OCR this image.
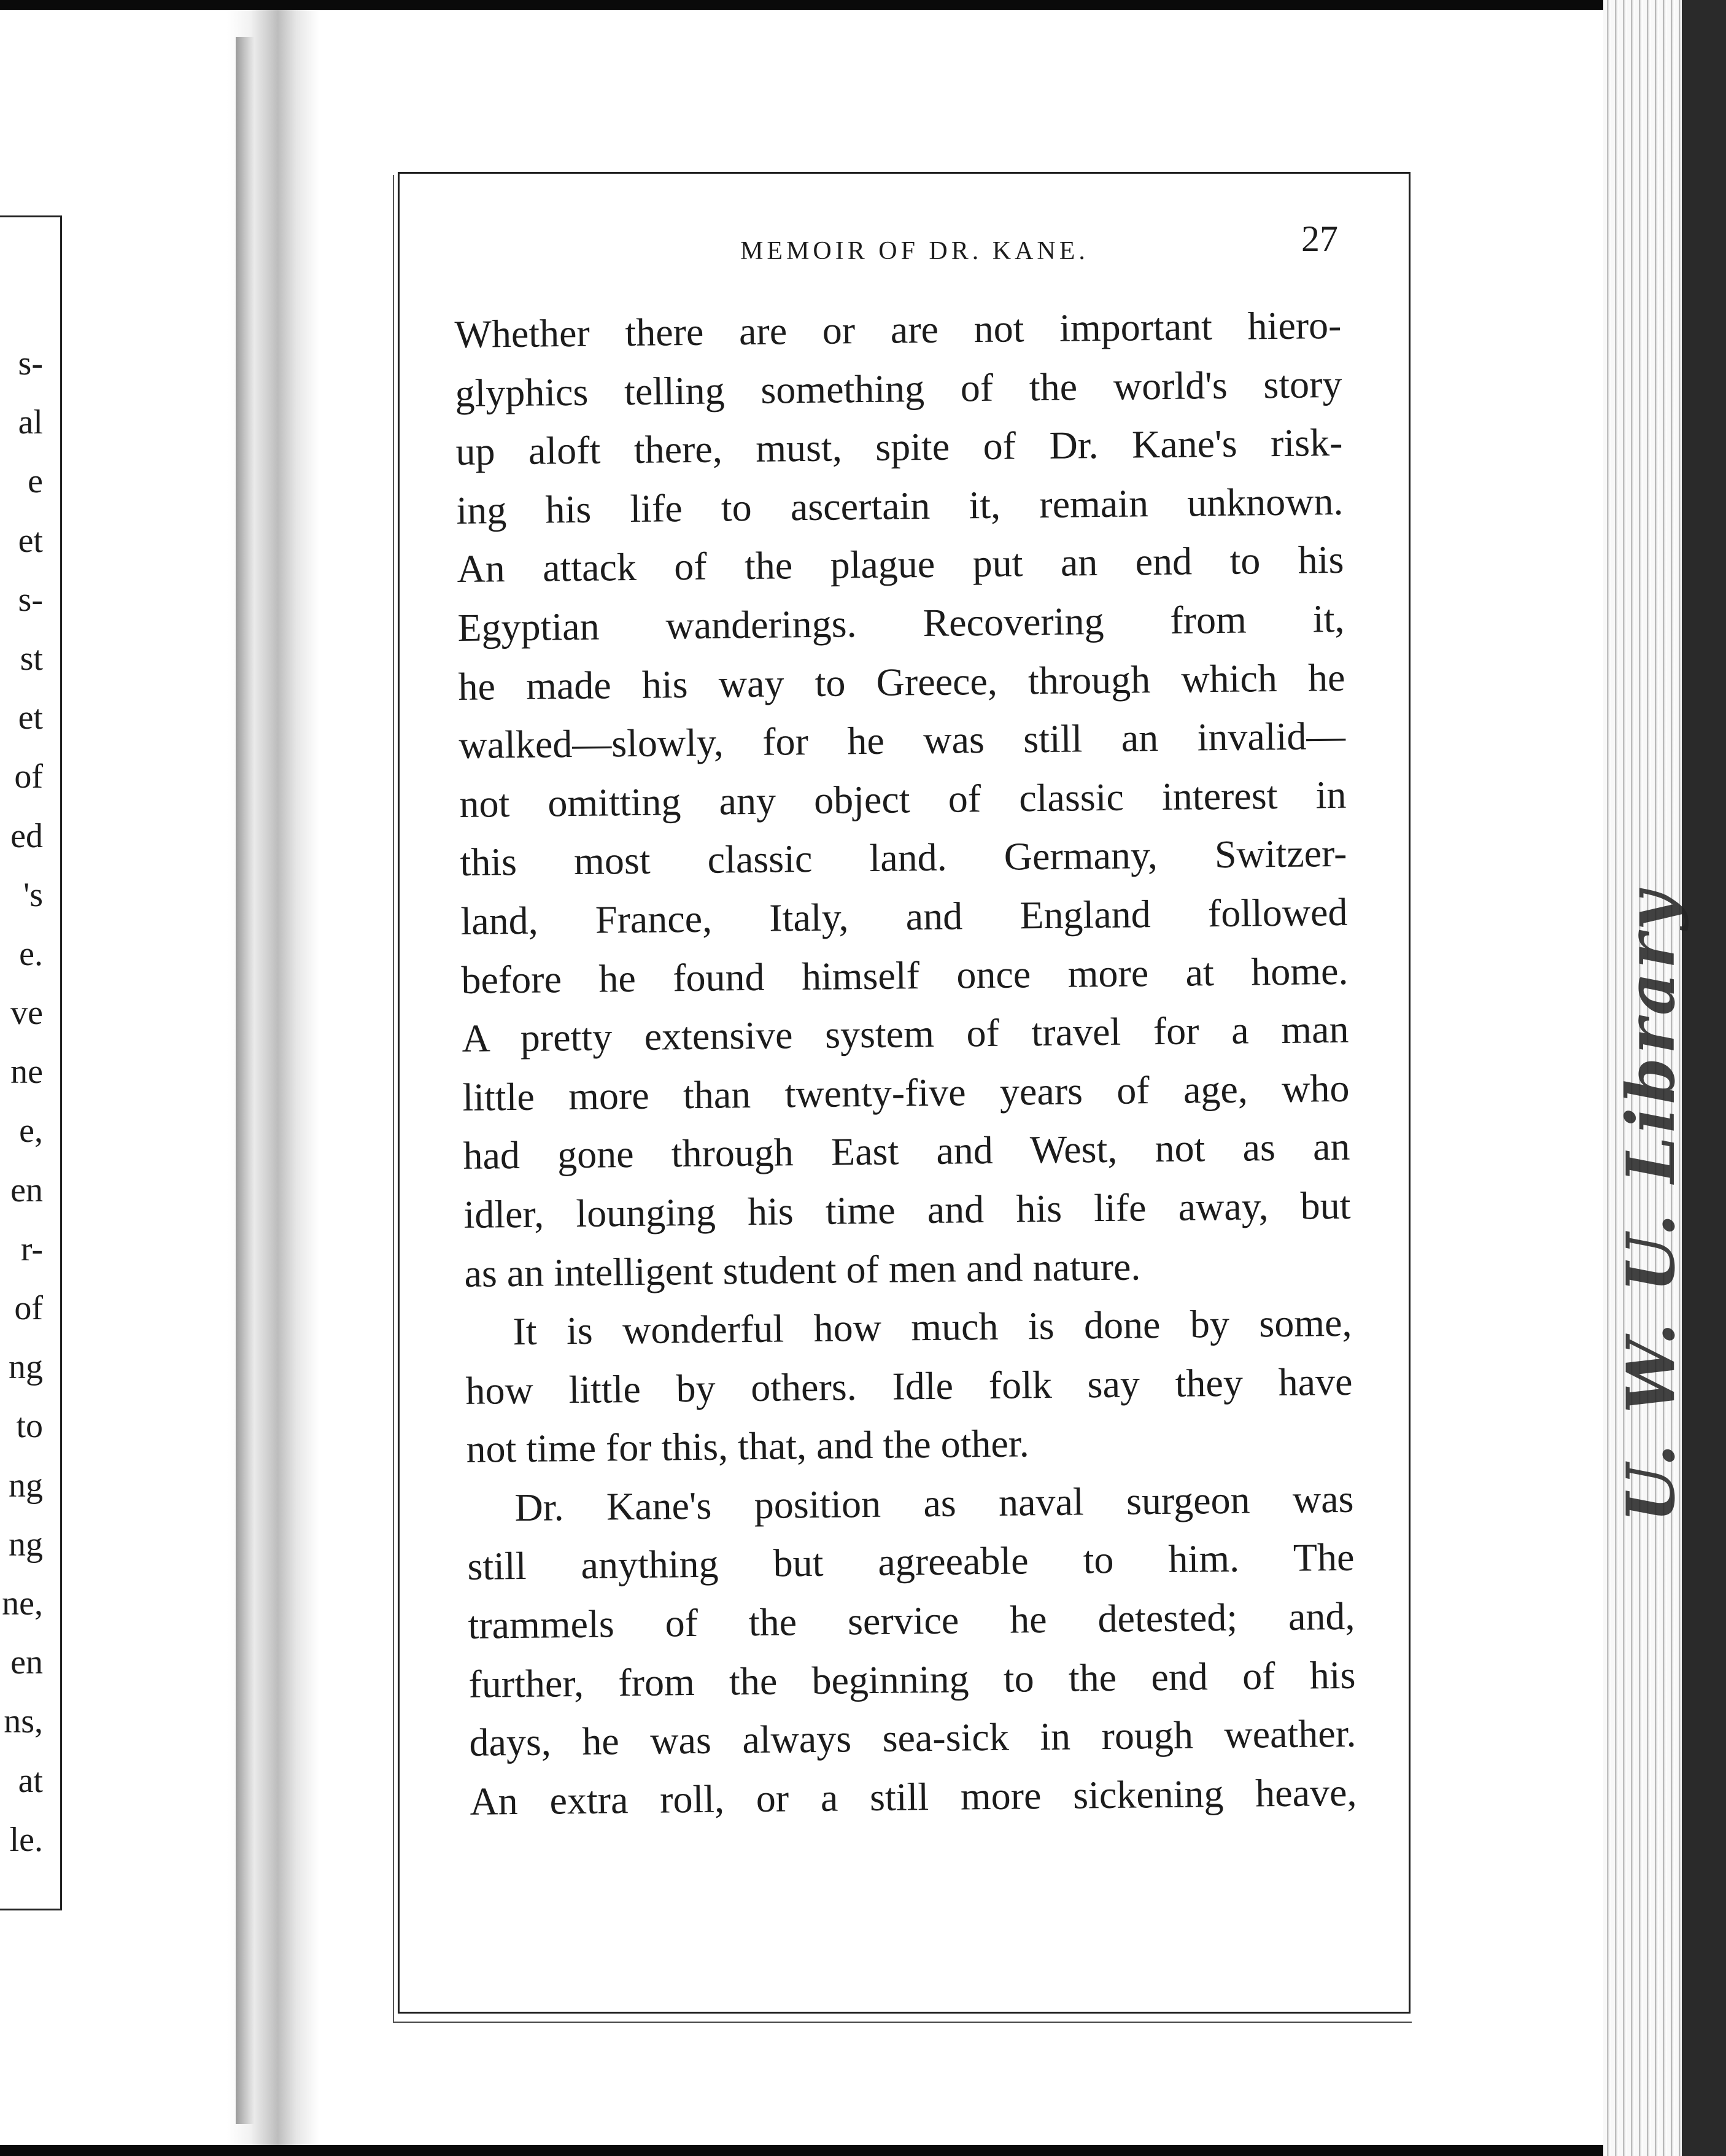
s-
al
e
et
s-
st
et
of
ed
's
e.
ve
ne
e,
en
r-
of
ng
to
ng
ng
ne,
en
ns,
at
le.
U. W. U. Library
MEMOIR OF DR. KANE.	27
Whether there are or are not important hiero-
glyphics telling something of the world's story
up aloft there, must, spite of Dr. Kane's risk-
ing his life to ascertain it, remain unknown.
An attack of the plague put an end to his
Egyptian wanderings. Recovering from it,
he made his way to Greece, through which he
walked—slowly, for he was still an invalid—
not omitting any object of classic interest in
this most classic land. Germany, Switzer-
land, France, Italy, and England followed
before he found himself once more at home.
A pretty extensive system of travel for a man
little more than twenty-five years of age, who
had gone through East and West, not as an
idler, lounging his time and his life away, but
as an intelligent student of men and nature.
It is wonderful how much is done by some,
how little by others. Idle folk say they have
not time for this, that, and the other.
Dr. Kane's position as naval surgeon was
still anything but agreeable to him. The
trammels of the service he detested; and,
further, from the beginning to the end of his
days, he was always sea-sick in rough weather.
An extra roll, or a still more sickening heave,
